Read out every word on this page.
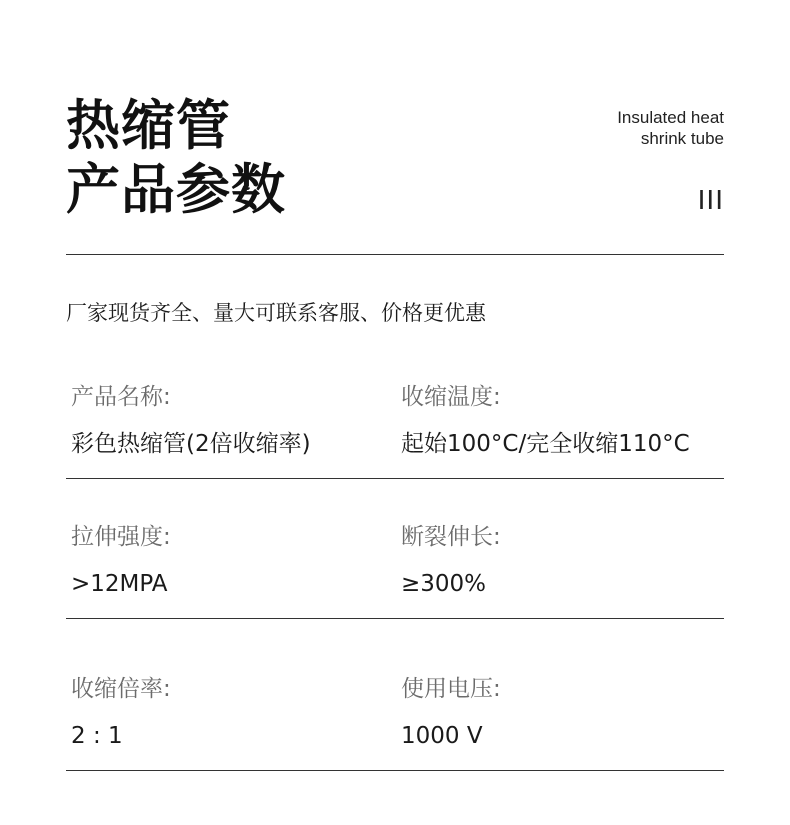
热缩管
产品参数
Insulated heat
shrink tube
III
厂家现货齐全、量大可联系客服、价格更优惠
产品名称:
彩色热缩管(2倍收缩率)
收缩温度:
起始100°C/完全收缩110°C
拉伸强度:
>12MPA
断裂伸长:
≥300%
收缩倍率:
2 : 1
使用电压:
1000 V
